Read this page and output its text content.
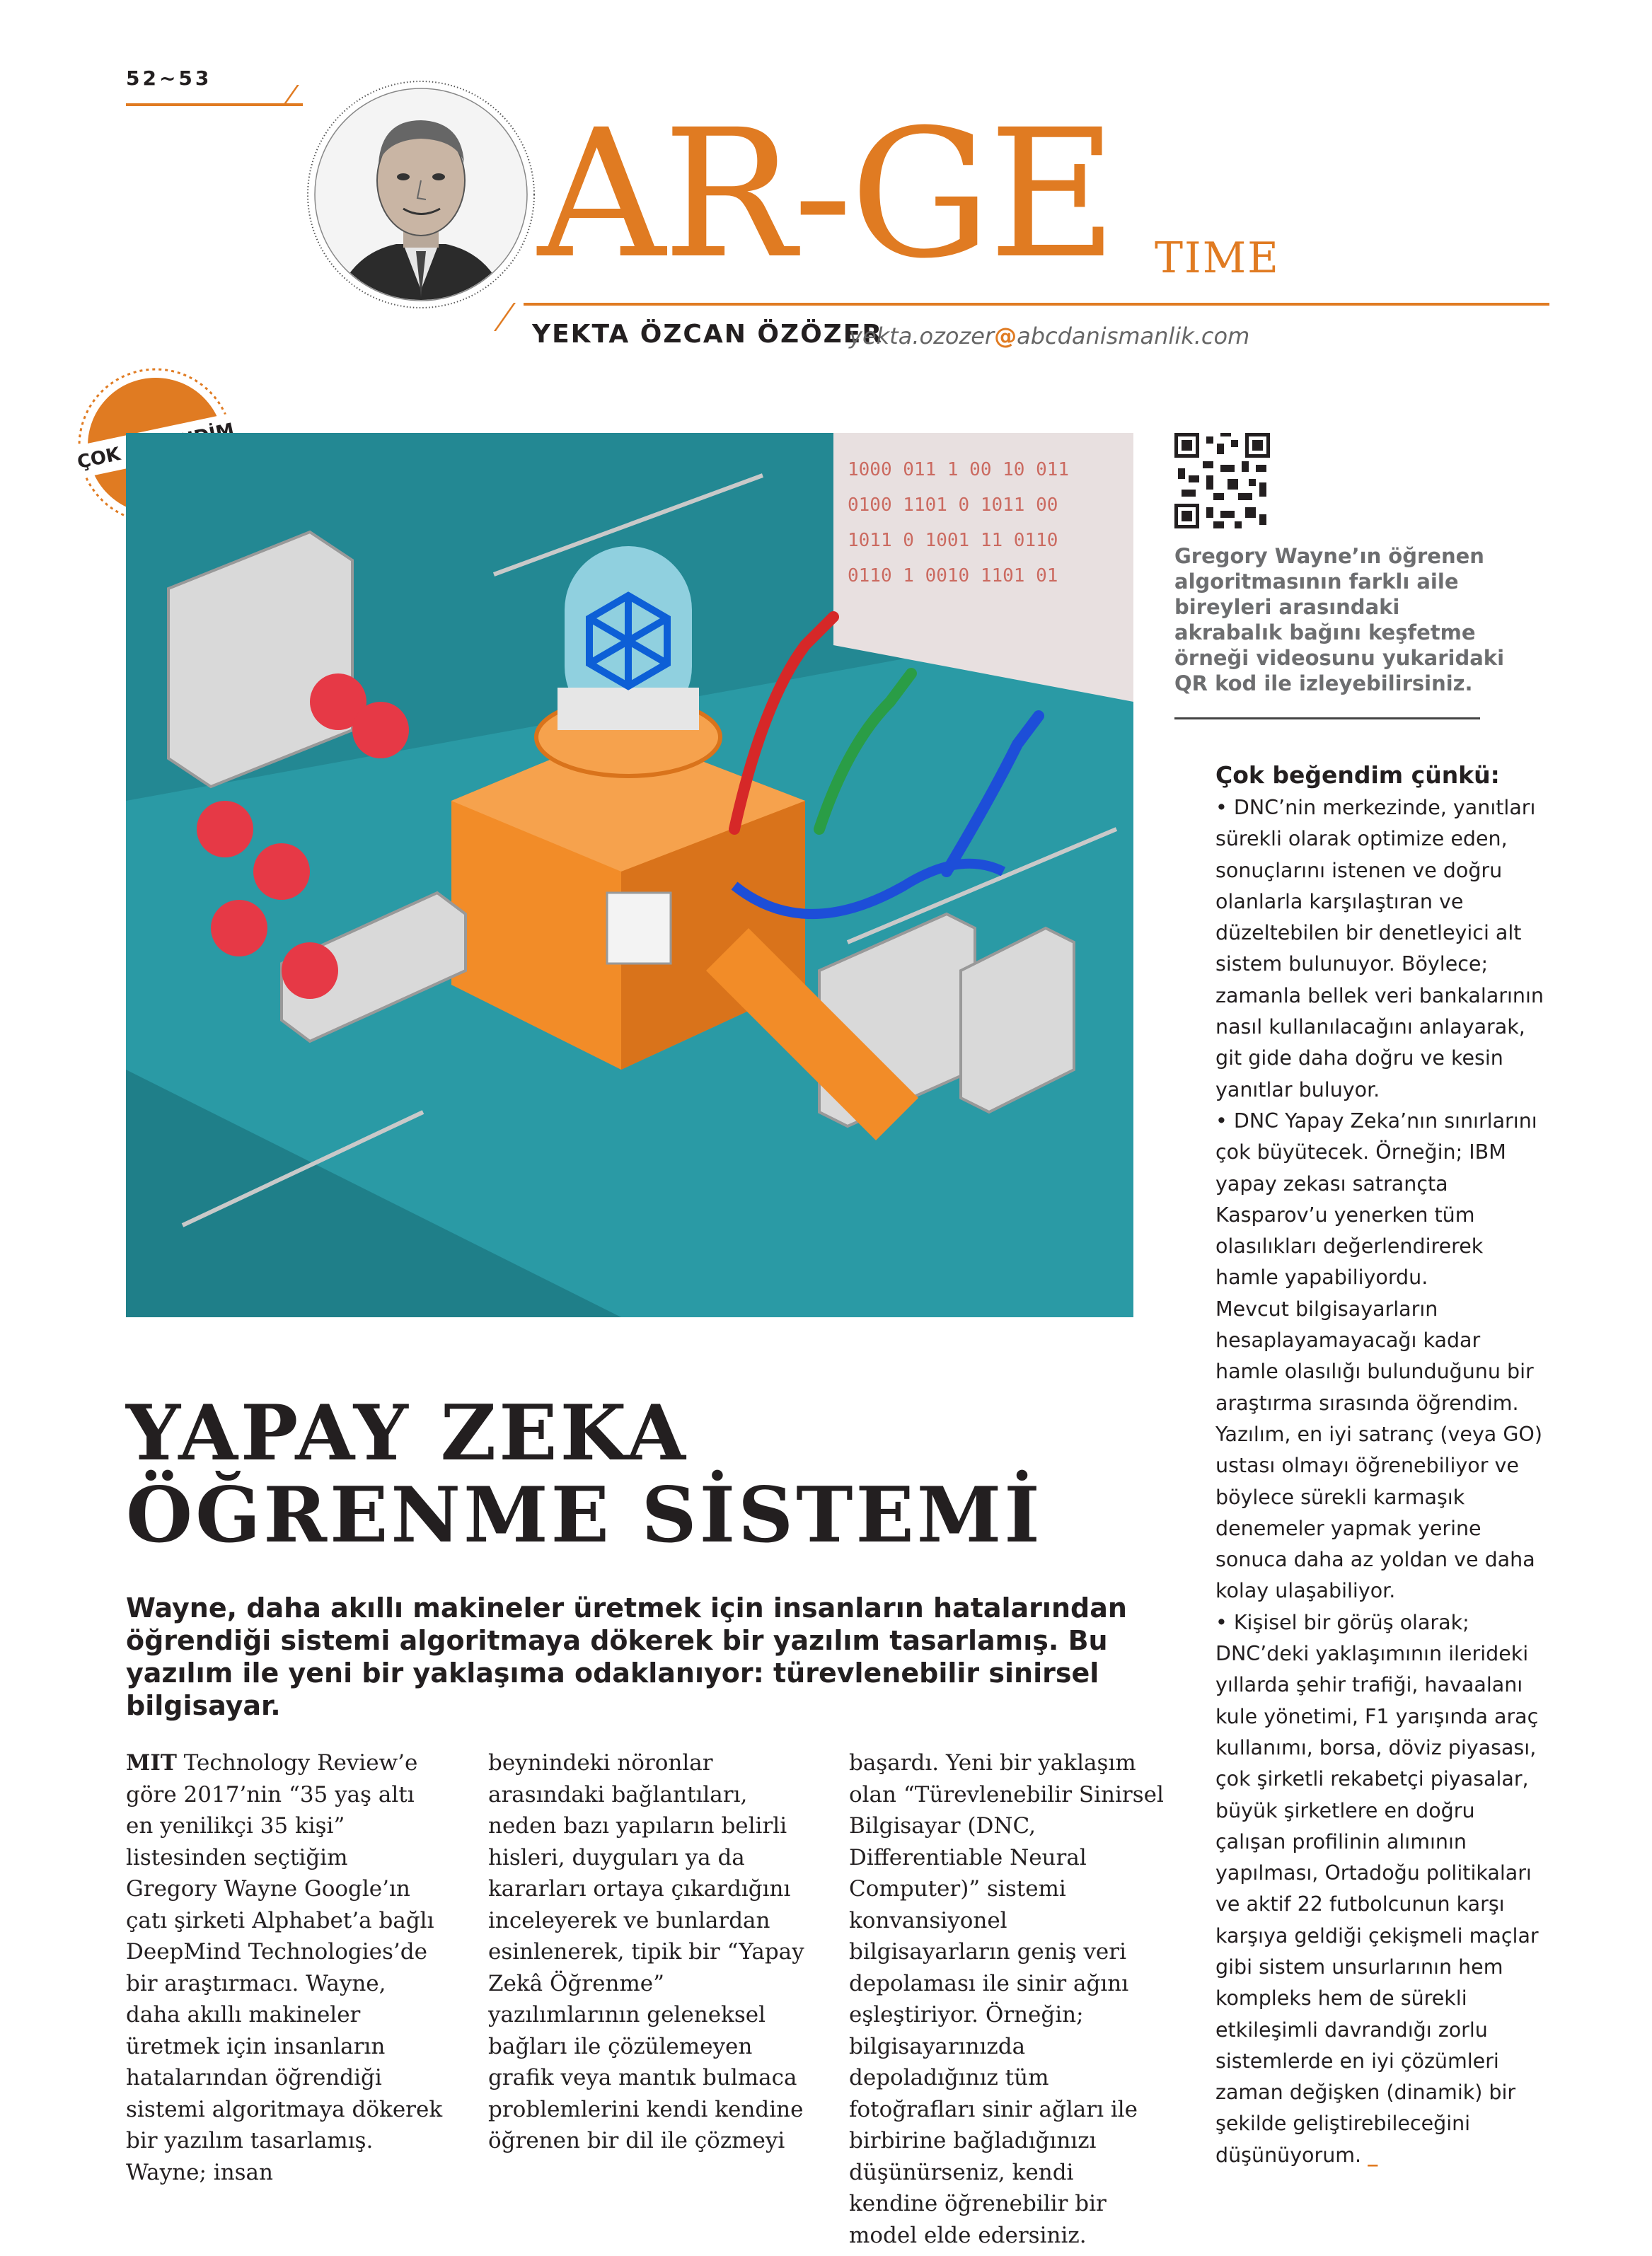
52~53
AR-GE TIME
YEKTA ÖZCAN ÖZÖZER
yekta.ozozer@abcdanismanlik.com
ÇOK	1000 011 1 00 10 011
0100 1101 0 1011 00
1011 0 1001 11 0110
0110 1 0010 1101 01
Gregory Wayne’ın öğrenen algoritmasının farklı aile bireyleri arasındaki akrabalık bağını keşfetme örneği videosunu yukaridaki QR kod ile izleyebilirsiniz.
Çok beğendim çünkü:
• DNC’nin merkezinde, yanıtları sürekli olarak optimize eden, sonuçlarını istenen ve doğru olanlarla karşılaştıran ve düzeltebilen bir denetleyici alt sistem bulunuyor. Böylece; zamanla bellek veri bankalarının nasıl kullanılacağını anlayarak, git gide daha doğru ve kesin yanıtlar buluyor.
• DNC Yapay Zeka’nın sınırlarını çok büyütecek. Örneğin; IBM yapay zekası satrançta Kasparov’u yenerken tüm olasılıkları değerlendirerek hamle yapabiliyordu.
Mevcut bilgisayarların hesaplayamayacağı kadar hamle olasılığı bulunduğunu bir araştırma sırasında öğrendim. Yazılım, en iyi satranç (veya GO) ustası olmayı öğrenebiliyor ve böylece sürekli karmaşık denemeler yapmak yerine sonuca daha az yoldan ve daha kolay ulaşabiliyor.
• Kişisel bir görüş olarak; DNC’deki yaklaşımının ilerideki yıllarda şehir trafiği, havaalanı kule yönetimi, F1 yarışında araç kullanımı, borsa, döviz piyasası, çok şirketli rekabetçi piyasalar, büyük şirketlere en doğru çalışan profilinin alımının yapılması, Ortadoğu politikaları ve aktif 22 futbolcunun karşı karşıya geldiği çekişmeli maçlar gibi sistem unsurlarının hem kompleks hem de sürekli etkileşimli davrandığı zorlu sistemlerde en iyi çözümleri zaman değişken (dinamik) bir şekilde geliştirebileceğini düşünüyorum. _
YAPAY ZEKA
ÖĞRENME SİSTEMİ
Wayne, daha akıllı makineler üretmek için insanların hatalarından öğrendiği sistemi algoritmaya dökerek bir yazılım tasarlamış. Bu yazılım ile yeni bir yaklaşıma odaklanıyor: türevlenebilir sinirsel bilgisayar.
MIT Technology Review’e göre 2017’nin “35 yaş altı en yenilikçi 35 kişi” listesinden seçtiğim Gregory Wayne Google’ın çatı şirketi Alphabet’a bağlı DeepMind Technologies’de bir araştırmacı. Wayne, daha akıllı makineler üretmek için insanların hatalarından öğrendiği sistemi algoritmaya dökerek bir yazılım tasarlamış. Wayne; insan
beynindeki nöronlar arasındaki bağlantıları, neden bazı yapıların belirli hisleri, duyguları ya da kararları ortaya çıkardığını inceleyerek ve bunlardan esinlenerek, tipik bir “Yapay Zekâ Öğrenme” yazılımlarının geleneksel bağları ile çözülemeyen grafik veya mantık bulmaca problemlerini kendi kendine öğrenen bir dil ile çözmeyi
başardı. Yeni bir yaklaşım olan “Türevlenebilir Sinirsel Bilgisayar (DNC, Differentiable Neural Computer)” sistemi konvansiyonel bilgisayarların geniş veri depolaması ile sinir ağını eşleştiriyor. Örneğin; bilgisayarınızda depoladığınız tüm fotoğrafları sinir ağları ile birbirine bağladığınızı düşünürseniz, kendi kendine öğrenebilir bir model elde edersiniz.
